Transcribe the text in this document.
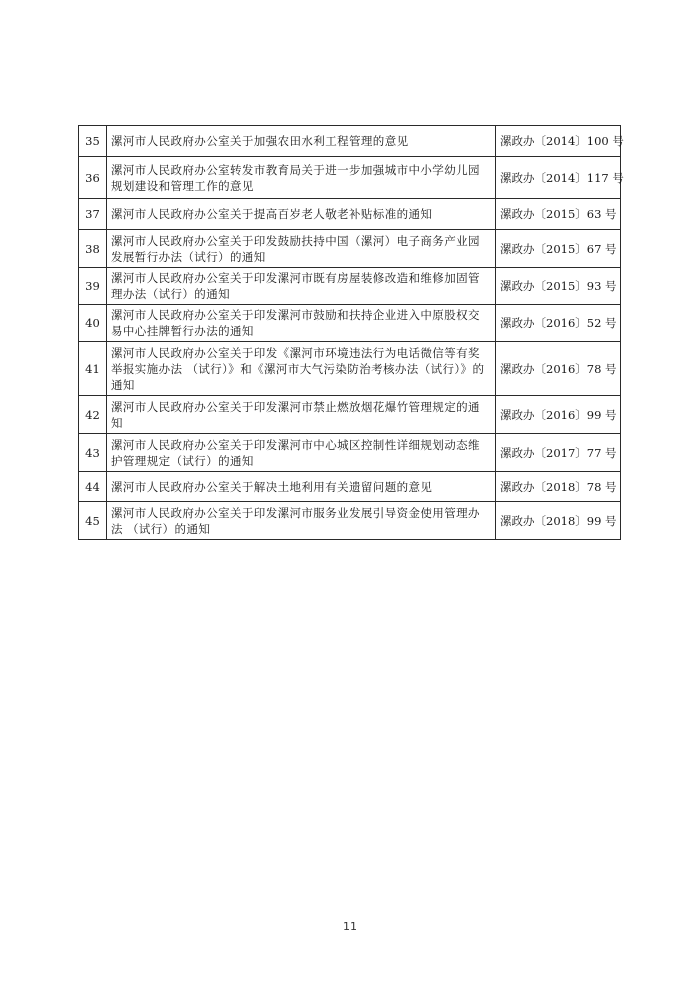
35	漯河市人民政府办公室关于加强农田水利工程管理的意见	漯政办〔2014〕100 号
36	漯河市人民政府办公室转发市教育局关于进一步加强城市中小学幼儿园规划建设和管理工作的意见	漯政办〔2014〕117 号
37	漯河市人民政府办公室关于提高百岁老人敬老补贴标准的通知	漯政办〔2015〕63 号
38	漯河市人民政府办公室关于印发鼓励扶持中国（漯河）电子商务产业园发展暂行办法（试行）的通知	漯政办〔2015〕67 号
39	漯河市人民政府办公室关于印发漯河市既有房屋装修改造和维修加固管理办法（试行）的通知	漯政办〔2015〕93 号
40	漯河市人民政府办公室关于印发漯河市鼓励和扶持企业进入中原股权交易中心挂牌暂行办法的通知	漯政办〔2016〕52 号
41	漯河市人民政府办公室关于印发《漯河市环境违法行为电话微信等有奖举报实施办法 （试行）》和《漯河市大气污染防治考核办法（试行）》的通知	漯政办〔2016〕78 号
42	漯河市人民政府办公室关于印发漯河市禁止燃放烟花爆竹管理规定的通知	漯政办〔2016〕99 号
43	漯河市人民政府办公室关于印发漯河市中心城区控制性详细规划动态维护管理规定（试行）的通知	漯政办〔2017〕77 号
44	漯河市人民政府办公室关于解决土地利用有关遗留问题的意见	漯政办〔2018〕78 号
45	漯河市人民政府办公室关于印发漯河市服务业发展引导资金使用管理办法 （试行）的通知	漯政办〔2018〕99 号
11
